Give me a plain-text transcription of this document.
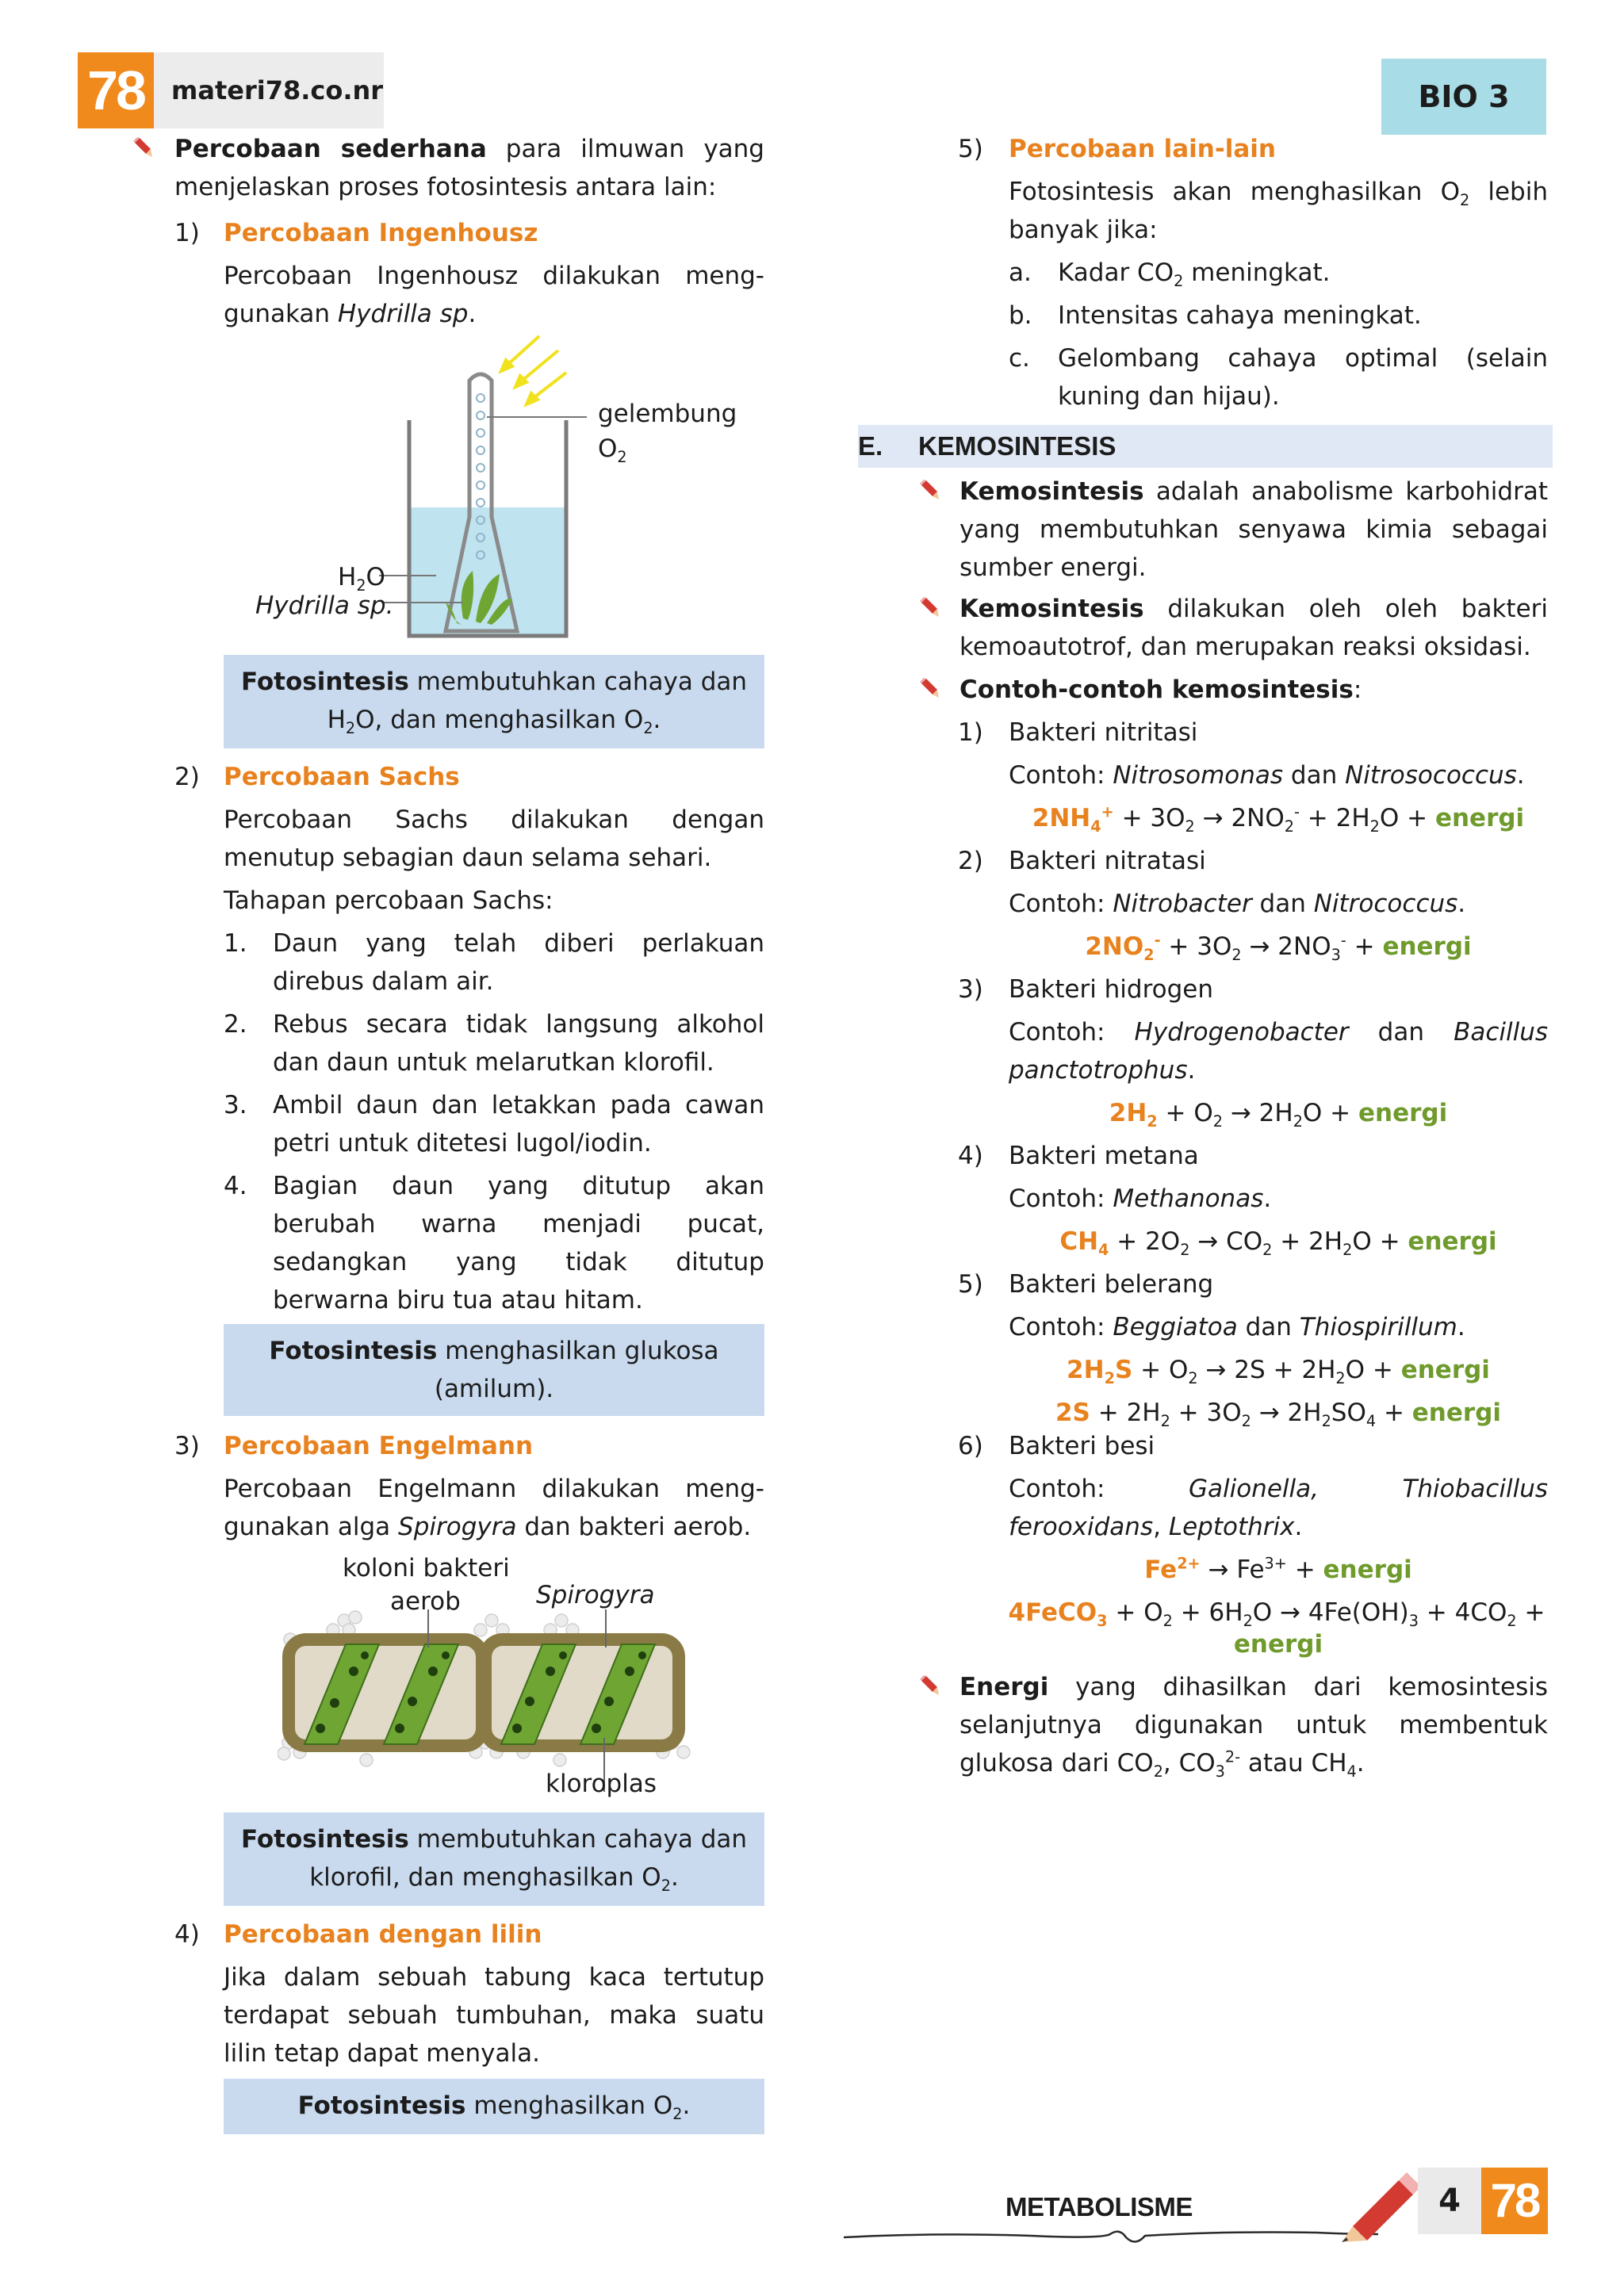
78	materi78.co.nr	BIO 3
Percobaan sederhana para ilmuwan yang menjelaskan proses fotosintesis antara lain:
1) Percobaan Ingenhousz
Percobaan Ingenhousz dilakukan meng-gunakan Hydrilla sp.
gelembung
$O_2$
$H_2O$
Hydrilla sp.
Fotosintesis membutuhkan cahaya dan $H_2O$, dan menghasilkan $O_2$.
2) Percobaan Sachs
Percobaan Sachs dilakukan dengan menutup sebagian daun selama sehari.
Tahapan percobaan Sachs:
1. Daun yang telah diberi perlakuan direbus dalam air.
2. Rebus secara tidak langsung alkohol dan daun untuk melarutkan klorofil.
3. Ambil daun dan letakkan pada cawan petri untuk ditetesi lugol/iodin.
4. Bagian daun yang ditutup akan berubah warna menjadi pucat, sedangkan yang tidak ditutup berwarna biru tua atau hitam.
Fotosintesis menghasilkan glukosa (amilum).
3) Percobaan Engelmann
Percobaan Engelmann dilakukan meng-gunakan alga Spirogyra dan bakteri aerob.
koloni bakteri
aerob	Spirogyra
kloroplas
Fotosintesis membutuhkan cahaya dan klorofil, dan menghasilkan $O_2$.
4) Percobaan dengan lilin
Jika dalam sebuah tabung kaca tertutup terdapat sebuah tumbuhan, maka suatu lilin tetap dapat menyala.
Fotosintesis menghasilkan $O_2$.
5) Percobaan lain-lain
Fotosintesis akan menghasilkan $O_2$ lebih banyak jika:
a. Kadar $CO_2$ meningkat.
b. Intensitas cahaya meningkat.
c. Gelombang cahaya optimal (selain kuning dan hijau).
E. KEMOSINTESIS
Kemosintesis adalah anabolisme karbohidrat yang membutuhkan senyawa kimia sebagai sumber energi.
Kemosintesis dilakukan oleh oleh bakteri kemoautotrof, dan merupakan reaksi oksidasi.
Contoh-contoh kemosintesis:
1) Bakteri nitritasi
Contoh: Nitrosomonas dan Nitrosococcus.
$2NH_4^+ + 3O_2 \to 2NO_2^- + 2H_2O$ + energi
2) Bakteri nitratasi
Contoh: Nitrobacter dan Nitrococcus.
$2NO_2^- + 3O_2 \to 2NO_3^-$ + energi
3) Bakteri hidrogen
Contoh: Hydrogenobacter dan Bacillus panctotrophus.
$2H_2 + O_2 \to 2H_2O$ + energi
4) Bakteri metana
Contoh: Methanonas.
$CH_4 + 2O_2 \to CO_2 + 2H_2O$ + energi
5) Bakteri belerang
Contoh: Beggiatoa dan Thiospirillum.
$2H_2S + O_2 \to 2S + 2H_2O$ + energi
$2S + 2H_2 + 3O_2 \to 2H_2SO_4$ + energi
6) Bakteri besi
Contoh: Galionella, Thiobacillus ferooxidans, Leptothrix.
$Fe^{2+} \to Fe^{3+}$ + energi
4FeCO$_3$ + $O_2 + 6H_2O \to 4Fe(OH)_3 + 4CO_2$ +
energi
Energi yang dihasilkan dari kemosintesis selanjutnya digunakan untuk membentuk glukosa dari $CO_2$, $CO_3^{2-}$ atau $CH_4$.
METABOLISME	4 78
